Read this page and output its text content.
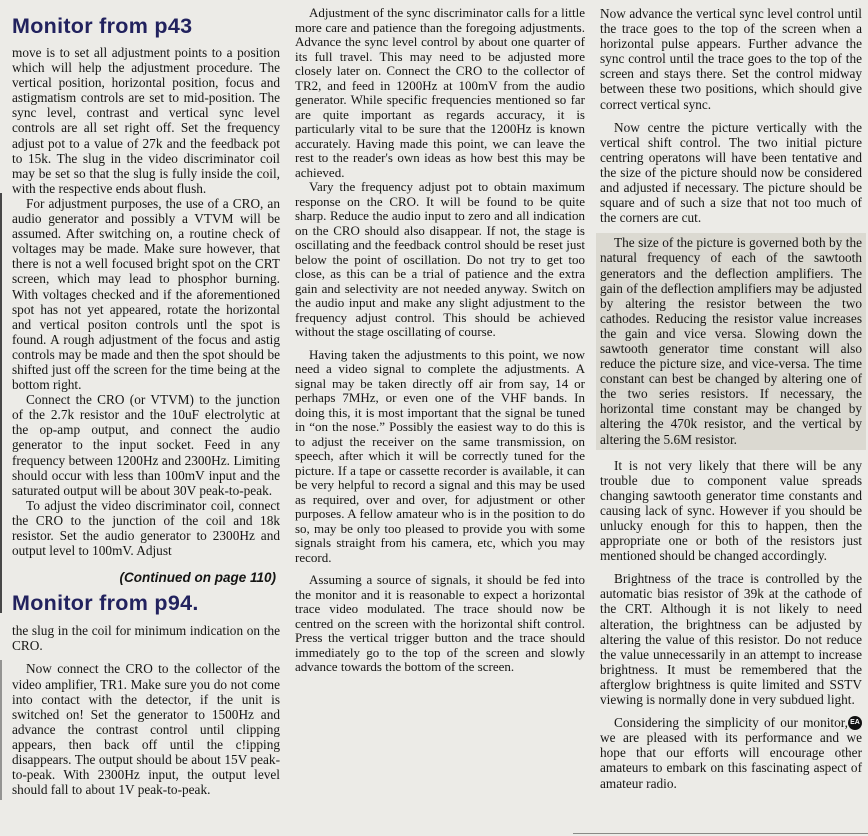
Monitor from p43

move is to set all adjustment points to a position which will help the adjustment procedure. The vertical position, horizontal position, focus and astigmatism controls are set to mid-position. The sync level, contrast and vertical sync level controls are all set right off. Set the frequency adjust pot to a value of 27k and the feedback pot to 15k. The slug in the video discriminator coil may be set so that the slug is fully inside the coil, with the respective ends about flush.

For adjustment purposes, the use of a CRO, an audio generator and possibly a VTVM will be assumed. After switching on, a routine check of voltages may be made. Make sure however, that there is not a well focused bright spot on the CRT screen, which may lead to phosphor burning. With voltages checked and if the aforementioned spot has not yet appeared, rotate the horizontal and vertical positon controls untl the spot is found. A rough adjustment of the focus and astig controls may be made and then the spot should be shifted just off the screen for the time being at the bottom right.

Connect the CRO (or VTVM) to the junction of the 2.7k resistor and the 10uF electrolytic at the op-amp output, and connect the audio generator to the input socket. Feed in any frequency between 1200Hz and 2300Hz. Limiting should occur with less than 100mV input and the saturated output will be about 30V peak-to-peak.

To adjust the video discriminator coil, connect the CRO to the junction of the coil and 18k resistor. Set the audio generator to 2300Hz and output level to 100mV. Adjust

(Continued on page 110)

Monitor from p94.

the slug in the coil for minimum indication on the CRO.

Now connect the CRO to the collector of the video amplifier, TR1. Make sure you do not come into contact with the detector, if the unit is switched on! Set the generator to 1500Hz and advance the contrast control until clipping appears, then back off until the c!ipping disappears. The output should be about 15V peak-to-peak. With 2300Hz input, the output level should fall to about 1V peak-to-peak.

Adjustment of the sync discriminator calls for a little more care and patience than the foregoing adjustments. Advance the sync level control by about one quarter of its full travel. This may need to be adjusted more closely later on. Connect the CRO to the collector of TR2, and feed in 1200Hz at 100mV from the audio generator. While specific frequencies mentioned so far are quite important as regards accuracy, it is particularly vital to be sure that the 1200Hz is known accurately. Having made this point, we can leave the rest to the reader's own ideas as how best this may be achieved.

Vary the frequency adjust pot to obtain maximum response on the CRO. It will be found to be quite sharp. Reduce the audio input to zero and all indication on the CRO should also disappear. If not, the stage is oscillating and the feedback control should be reset just below the point of oscillation. Do not try to get too close, as this can be a trial of patience and the extra gain and selectivity are not needed anyway. Switch on the audio input and make any slight adjustment to the frequency adjust control. This should be achieved without the stage oscillating of course.

Having taken the adjustments to this point, we now need a video signal to complete the adjustments. A signal may be taken directly off air from say, 14 or perhaps 7MHz, or even one of the VHF bands. In doing this, it is most important that the signal be tuned in “on the nose.” Possibly the easiest way to do this is to adjust the receiver on the same transmission, on speech, after which it will be correctly tuned for the picture. If a tape or cassette recorder is available, it can be very helpful to record a signal and this may be used as required, over and over, for adjustment or other purposes. A fellow amateur who is in the position to do so, may be only too pleased to provide you with some signals straight from his camera, etc, which you may record.

Assuming a source of signals, it should be fed into the monitor and it is reasonable to expect a horizontal trace video modulated. The trace should now be centred on the screen with the horizontal shift control. Press the vertical trigger button and the trace should immediately go to the top of the screen and slowly advance towards the bottom of the screen.

Now advance the vertical sync level control until the trace goes to the top of the screen when a horizontal pulse appears. Further advance the sync control until the trace goes to the top of the screen and stays there. Set the control midway between these two positions, which should give correct vertical sync.

Now centre the picture vertically with the vertical shift control. The two initial picture centring operatons will have been tentative and the size of the picture should now be considered and adjusted if necessary. The picture should be square and of such a size that not too much of the corners are cut.

The size of the picture is governed both by the natural frequency of each of the sawtooth generators and the deflection amplifiers. The gain of the deflection amplifiers may be adjusted by altering the resistor between the two cathodes. Reducing the resistor value increases the gain and vice versa. Slowing down the sawtooth generator time constant will also reduce the picture size, and vice-versa. The time constant can best be changed by altering one of the two series resistors. If necessary, the horizontal time constant may be changed by altering the 470k resistor, and the vertical by altering the 5.6M resistor.

It is not very likely that there will be any trouble due to component value spreads changing sawtooth generator time constants and causing lack of sync. However if you should be unlucky enough for this to happen, then the appropriate one or both of the resistors just mentioned should be changed accordingly.

Brightness of the trace is controlled by the automatic bias resistor of 39k at the cathode of the CRT. Although it is not likely to need alteration, the brightness can be adjusted by altering the value of this resistor. Do not reduce the value unnecessarily in an attempt to increase brightness. It must be remembered that the afterglow brightness is quite limited and SSTV viewing is normally done in very subdued light.

EA
Considering the simplicity of our monitor, we are pleased with its performance and we hope that our efforts will encourage other amateurs to embark on this fascinating aspect of amateur radio.
